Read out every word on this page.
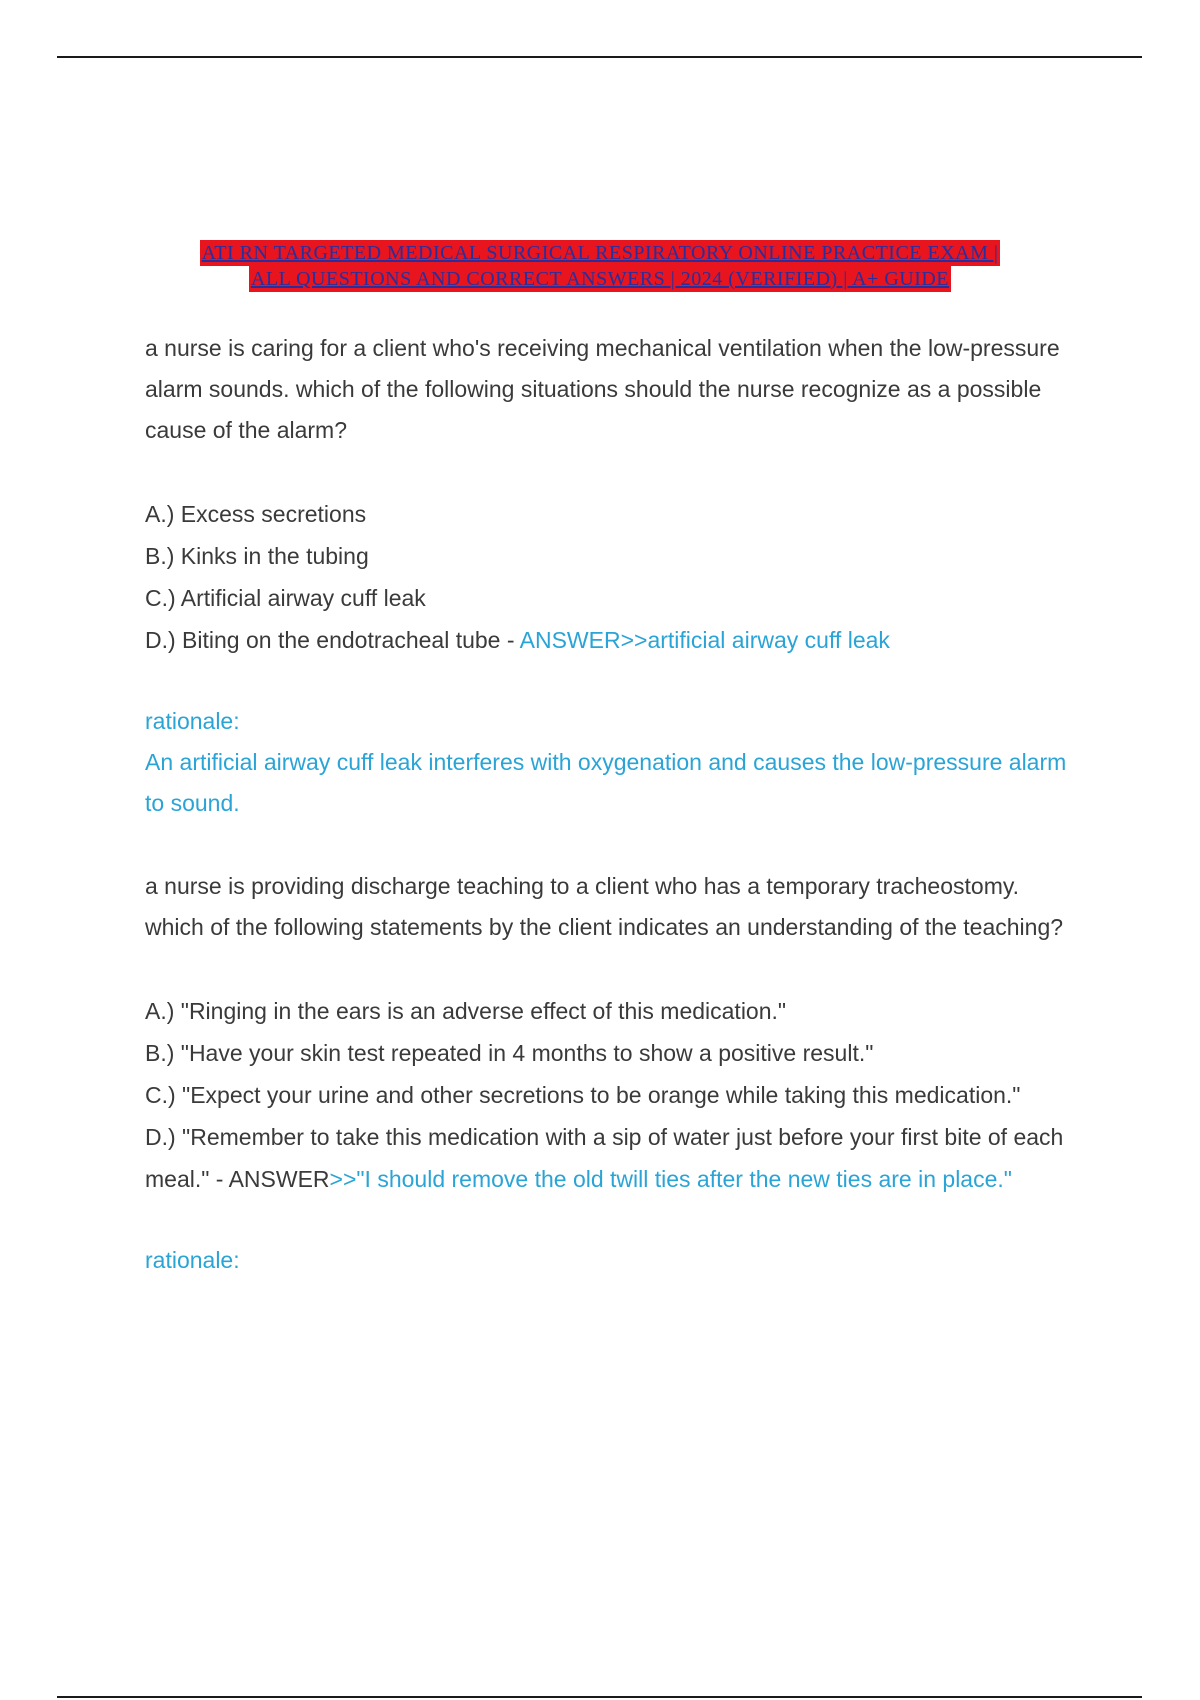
ATI RN TARGETED MEDICAL SURGICAL RESPIRATORY ONLINE PRACTICE EXAM |
ALL QUESTIONS AND CORRECT ANSWERS | 2024 (VERIFIED) | A+ GUIDE

a nurse is caring for a client who's receiving mechanical ventilation when the low-pressure alarm sounds. which of the following situations should the nurse recognize as a possible cause of the alarm?

A.) Excess secretions

B.) Kinks in the tubing

C.) Artificial airway cuff leak

D.) Biting on the endotracheal tube - ANSWER>>artificial airway cuff leak

rationale:

An artificial airway cuff leak interferes with oxygenation and causes the low-pressure alarm to sound.

a nurse is providing discharge teaching to a client who has a temporary tracheostomy. which of the following statements by the client indicates an understanding of the teaching?

A.) "Ringing in the ears is an adverse effect of this medication."

B.) "Have your skin test repeated in 4 months to show a positive result."

C.) "Expect your urine and other secretions to be orange while taking this medication."

D.) "Remember to take this medication with a sip of water just before your first bite of each meal." - ANSWER>>"I should remove the old twill ties after the new ties are in place."

rationale:
